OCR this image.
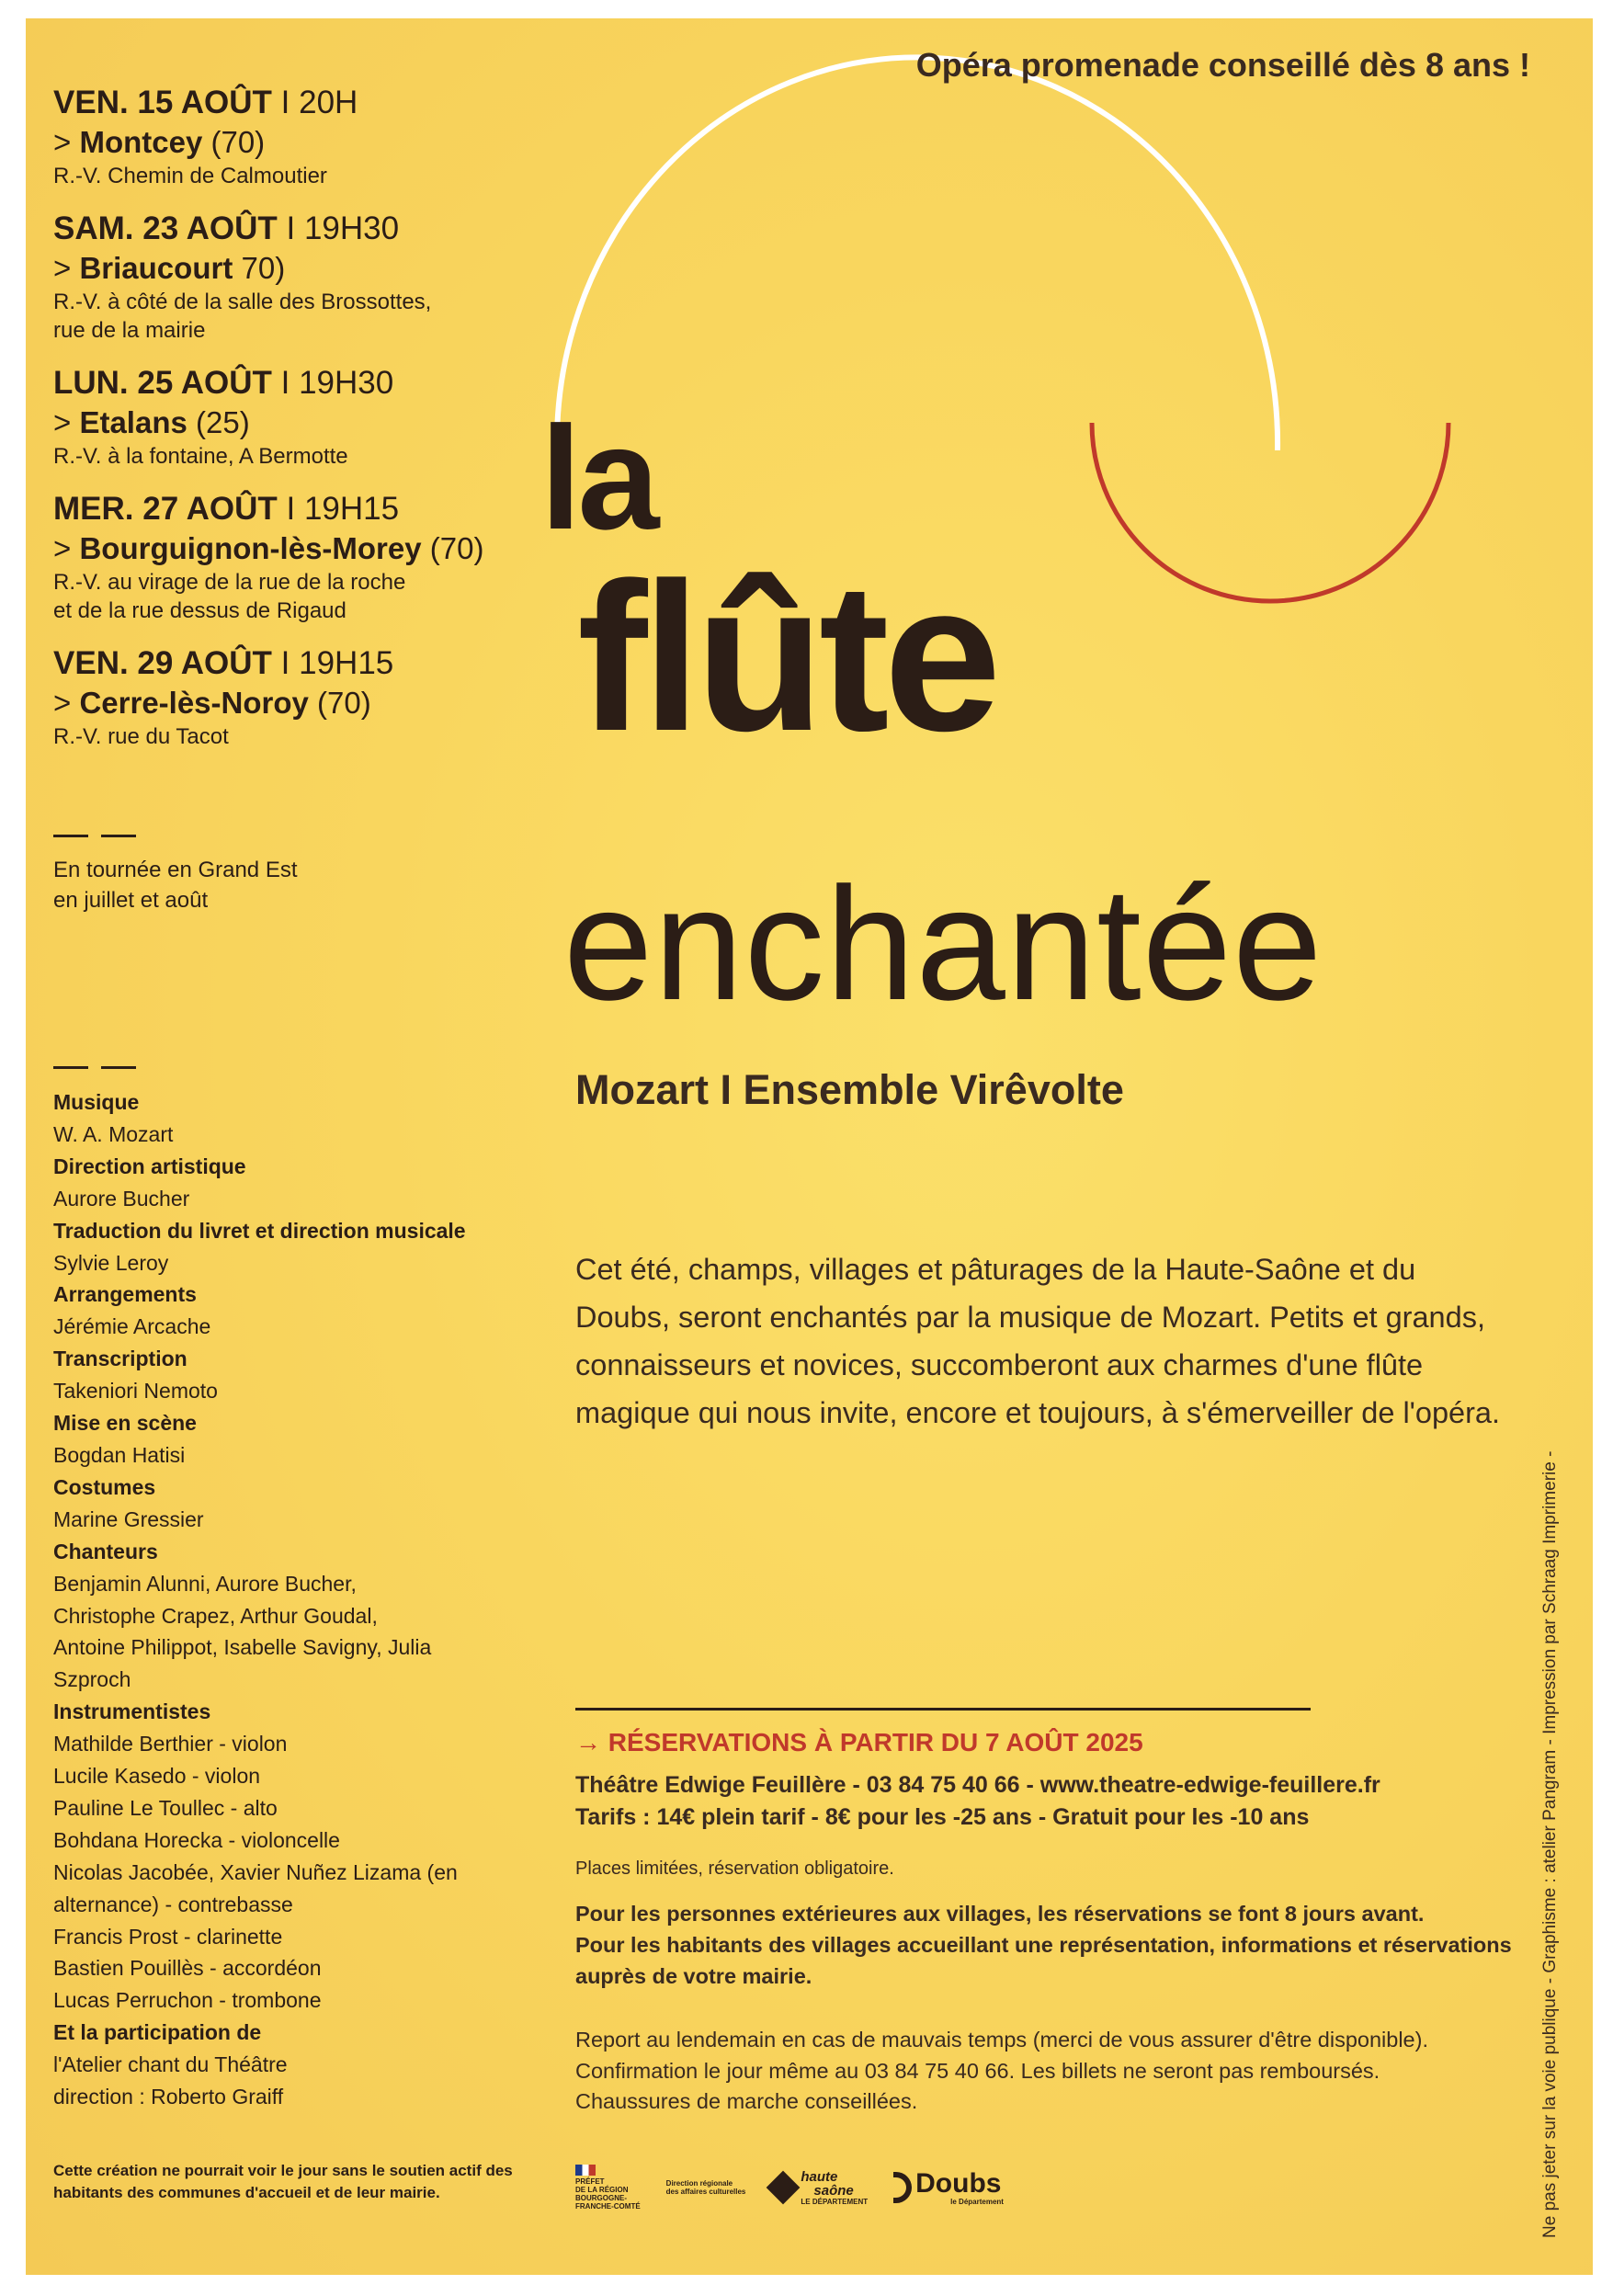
Opéra promenade conseillé dès 8 ans !
VEN. 15 AOÛT I 20H
> Montcey (70)
R.-V. Chemin de Calmoutier
SAM. 23 AOÛT I 19H30
> Briaucourt 70)
R.-V. à côté de la salle des Brossottes,
rue de la mairie
LUN. 25 AOÛT I 19H30
> Etalans (25)
R.-V. à la fontaine, A Bermotte
MER. 27 AOÛT I 19H15
> Bourguignon-lès-Morey (70)
R.-V. au virage de la rue de la roche
et de la rue dessus de Rigaud
VEN. 29 AOÛT I 19H15
> Cerre-lès-Noroy (70)
R.-V. rue du Tacot
En tournée en Grand Est
en juillet et août
Musique
W. A. Mozart
Direction artistique
Aurore Bucher
Traduction du livret et direction musicale
Sylvie Leroy
Arrangements
Jérémie Arcache
Transcription
Takeniori Nemoto
Mise en scène
Bogdan Hatisi
Costumes
Marine Gressier
Chanteurs
Benjamin Alunni, Aurore Bucher,
Christophe Crapez, Arthur Goudal,
Antoine Philippot, Isabelle Savigny, Julia
Szproch
Instrumentistes
Mathilde Berthier - violon
Lucile Kasedo - violon
Pauline Le Toullec - alto
Bohdana Horecka - violoncelle
Nicolas Jacobée, Xavier Nuñez Lizama (en
alternance) - contrebasse
Francis Prost - clarinette
Bastien Pouillès - accordéon
Lucas Perruchon - trombone
Et la participation de
l'Atelier chant du Théâtre
direction : Roberto Graiff
Cette création ne pourrait voir le jour sans le soutien actif des habitants des communes d'accueil et de leur mairie.
la
flûte
enchantée
Mozart I Ensemble Virêvolte
Cet été, champs, villages et pâturages de la Haute-Saône et du Doubs, seront enchantés par la musique de Mozart. Petits et grands, connaisseurs et novices, succomberont aux charmes d'une flûte magique qui nous invite, encore et toujours, à s'émerveiller de l'opéra.
→ RÉSERVATIONS À PARTIR DU 7 AOÛT 2025
Théâtre Edwige Feuillère - 03 84 75 40 66 - www.theatre-edwige-feuillere.fr
Tarifs : 14€ plein tarif - 8€ pour les -25 ans - Gratuit pour les -10 ans
Places limitées, réservation obligatoire.
Pour les personnes extérieures aux villages, les réservations se font 8 jours avant.
Pour les habitants des villages accueillant une représentation, informations et réservations
auprès de votre mairie.
Report au lendemain en cas de mauvais temps (merci de vous assurer d'être disponible).
Confirmation le jour même au 03 84 75 40 66. Les billets ne seront pas remboursés.
Chaussures de marche conseillées.
PRÉFET
DE LA RÉGION
BOURGOGNE-
FRANCHE-COMTÉ
Direction régionale
des affaires culturelles
haute
saône
LE DÉPARTEMENT
Doubs
le Département	Ne pas jeter sur la voie publique - Graphisme : atelier Pangram - Impression par Schraag Imprimerie -
